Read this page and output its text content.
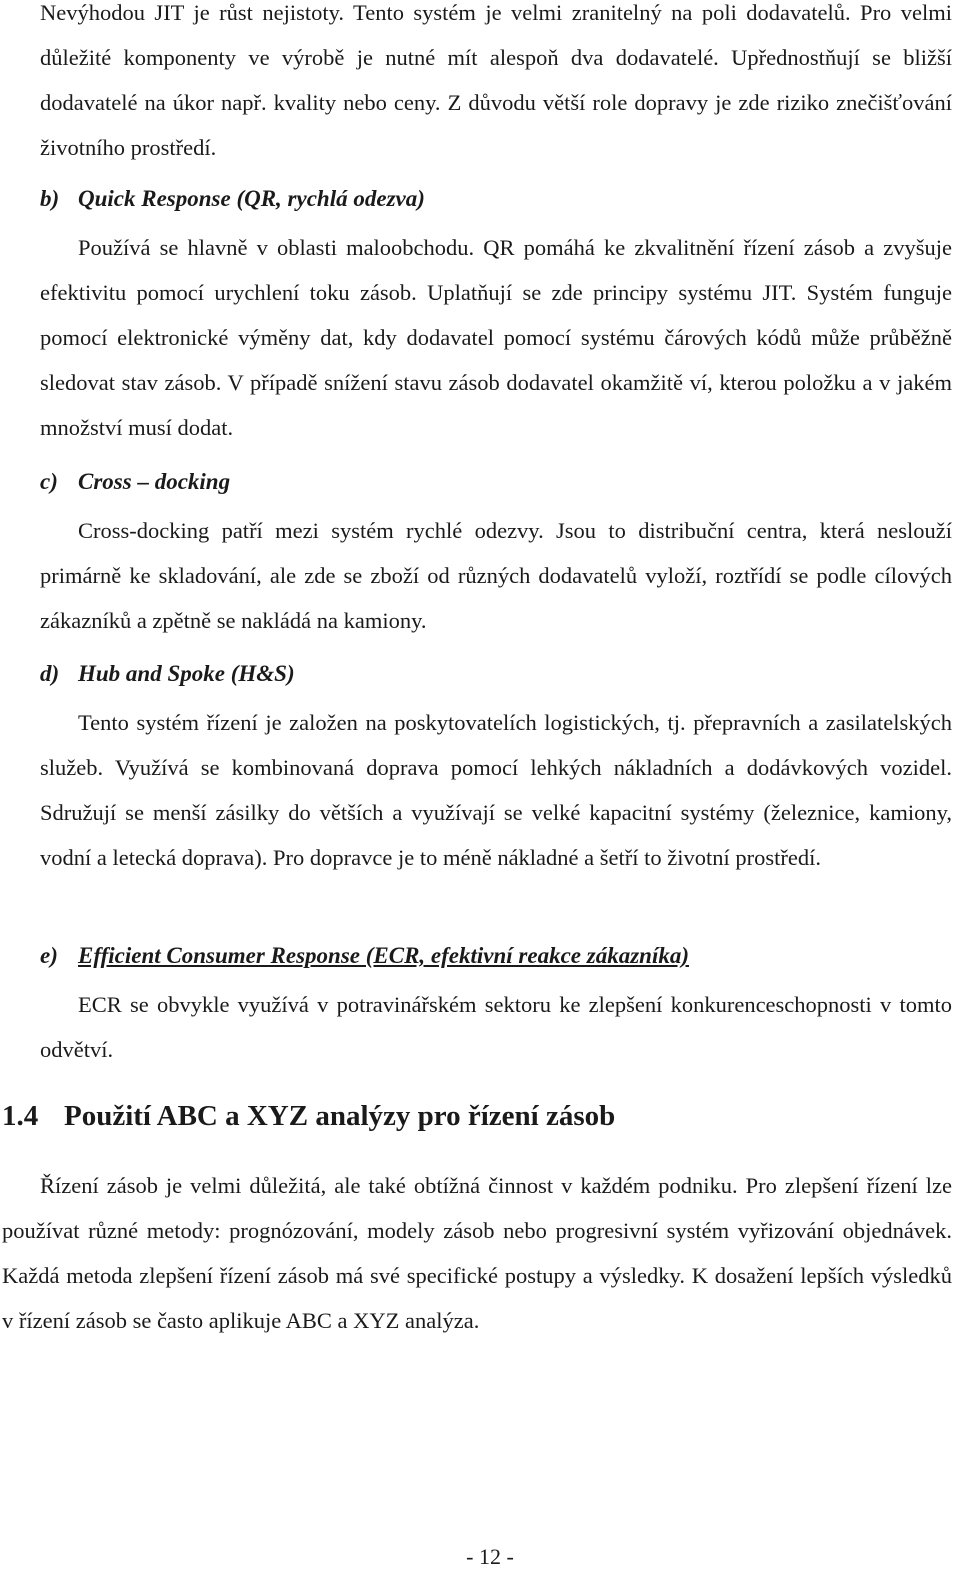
Nevýhodou JIT je růst nejistoty. Tento systém je velmi zranitelný na poli dodavatelů. Pro velmi důležité komponenty ve výrobě je nutné mít alespoň dva dodavatelé. Upřednostňují se bližší dodavatelé na úkor např. kvality nebo ceny. Z důvodu větší role dopravy je zde riziko znečišťování životního prostředí.
b) Quick Response (QR, rychlá odezva)
Používá se hlavně v oblasti maloobchodu. QR pomáhá ke zkvalitnění řízení zásob a zvyšuje efektivitu pomocí urychlení toku zásob. Uplatňují se zde principy systému JIT. Systém funguje pomocí elektronické výměny dat, kdy dodavatel pomocí systému čárových kódů může průběžně sledovat stav zásob. V případě snížení stavu zásob dodavatel okamžitě ví, kterou položku a v jakém množství musí dodat.
c) Cross – docking
Cross-docking patří mezi systém rychlé odezvy. Jsou to distribuční centra, která neslouží primárně ke skladování, ale zde se zboží od různých dodavatelů vyloží, roztřídí se podle cílových zákazníků a zpětně se nakládá na kamiony.
d) Hub and Spoke (H&S)
Tento systém řízení je založen na poskytovatelích logistických, tj. přepravních a zasilatelských služeb. Využívá se kombinovaná doprava pomocí lehkých nákladních a dodávkových vozidel. Sdružují se menší zásilky do větších a využívají se velké kapacitní systémy (železnice, kamiony, vodní a letecká doprava). Pro dopravce je to méně nákladné a šetří to životní prostředí.
e) Efficient Consumer Response (ECR, efektivní reakce zákazníka)
ECR se obvykle využívá v potravinářském sektoru ke zlepšení konkurenceschopnosti v tomto odvětví.
1.4 Použití ABC a XYZ analýzy pro řízení zásob
Řízení zásob je velmi důležitá, ale také obtížná činnost v každém podniku. Pro zlepšení řízení lze používat různé metody: prognózování, modely zásob nebo progresivní systém vyřizování objednávek. Každá metoda zlepšení řízení zásob má své specifické postupy a výsledky. K dosažení lepších výsledků v řízení zásob se často aplikuje ABC a XYZ analýza.
- 12 -
